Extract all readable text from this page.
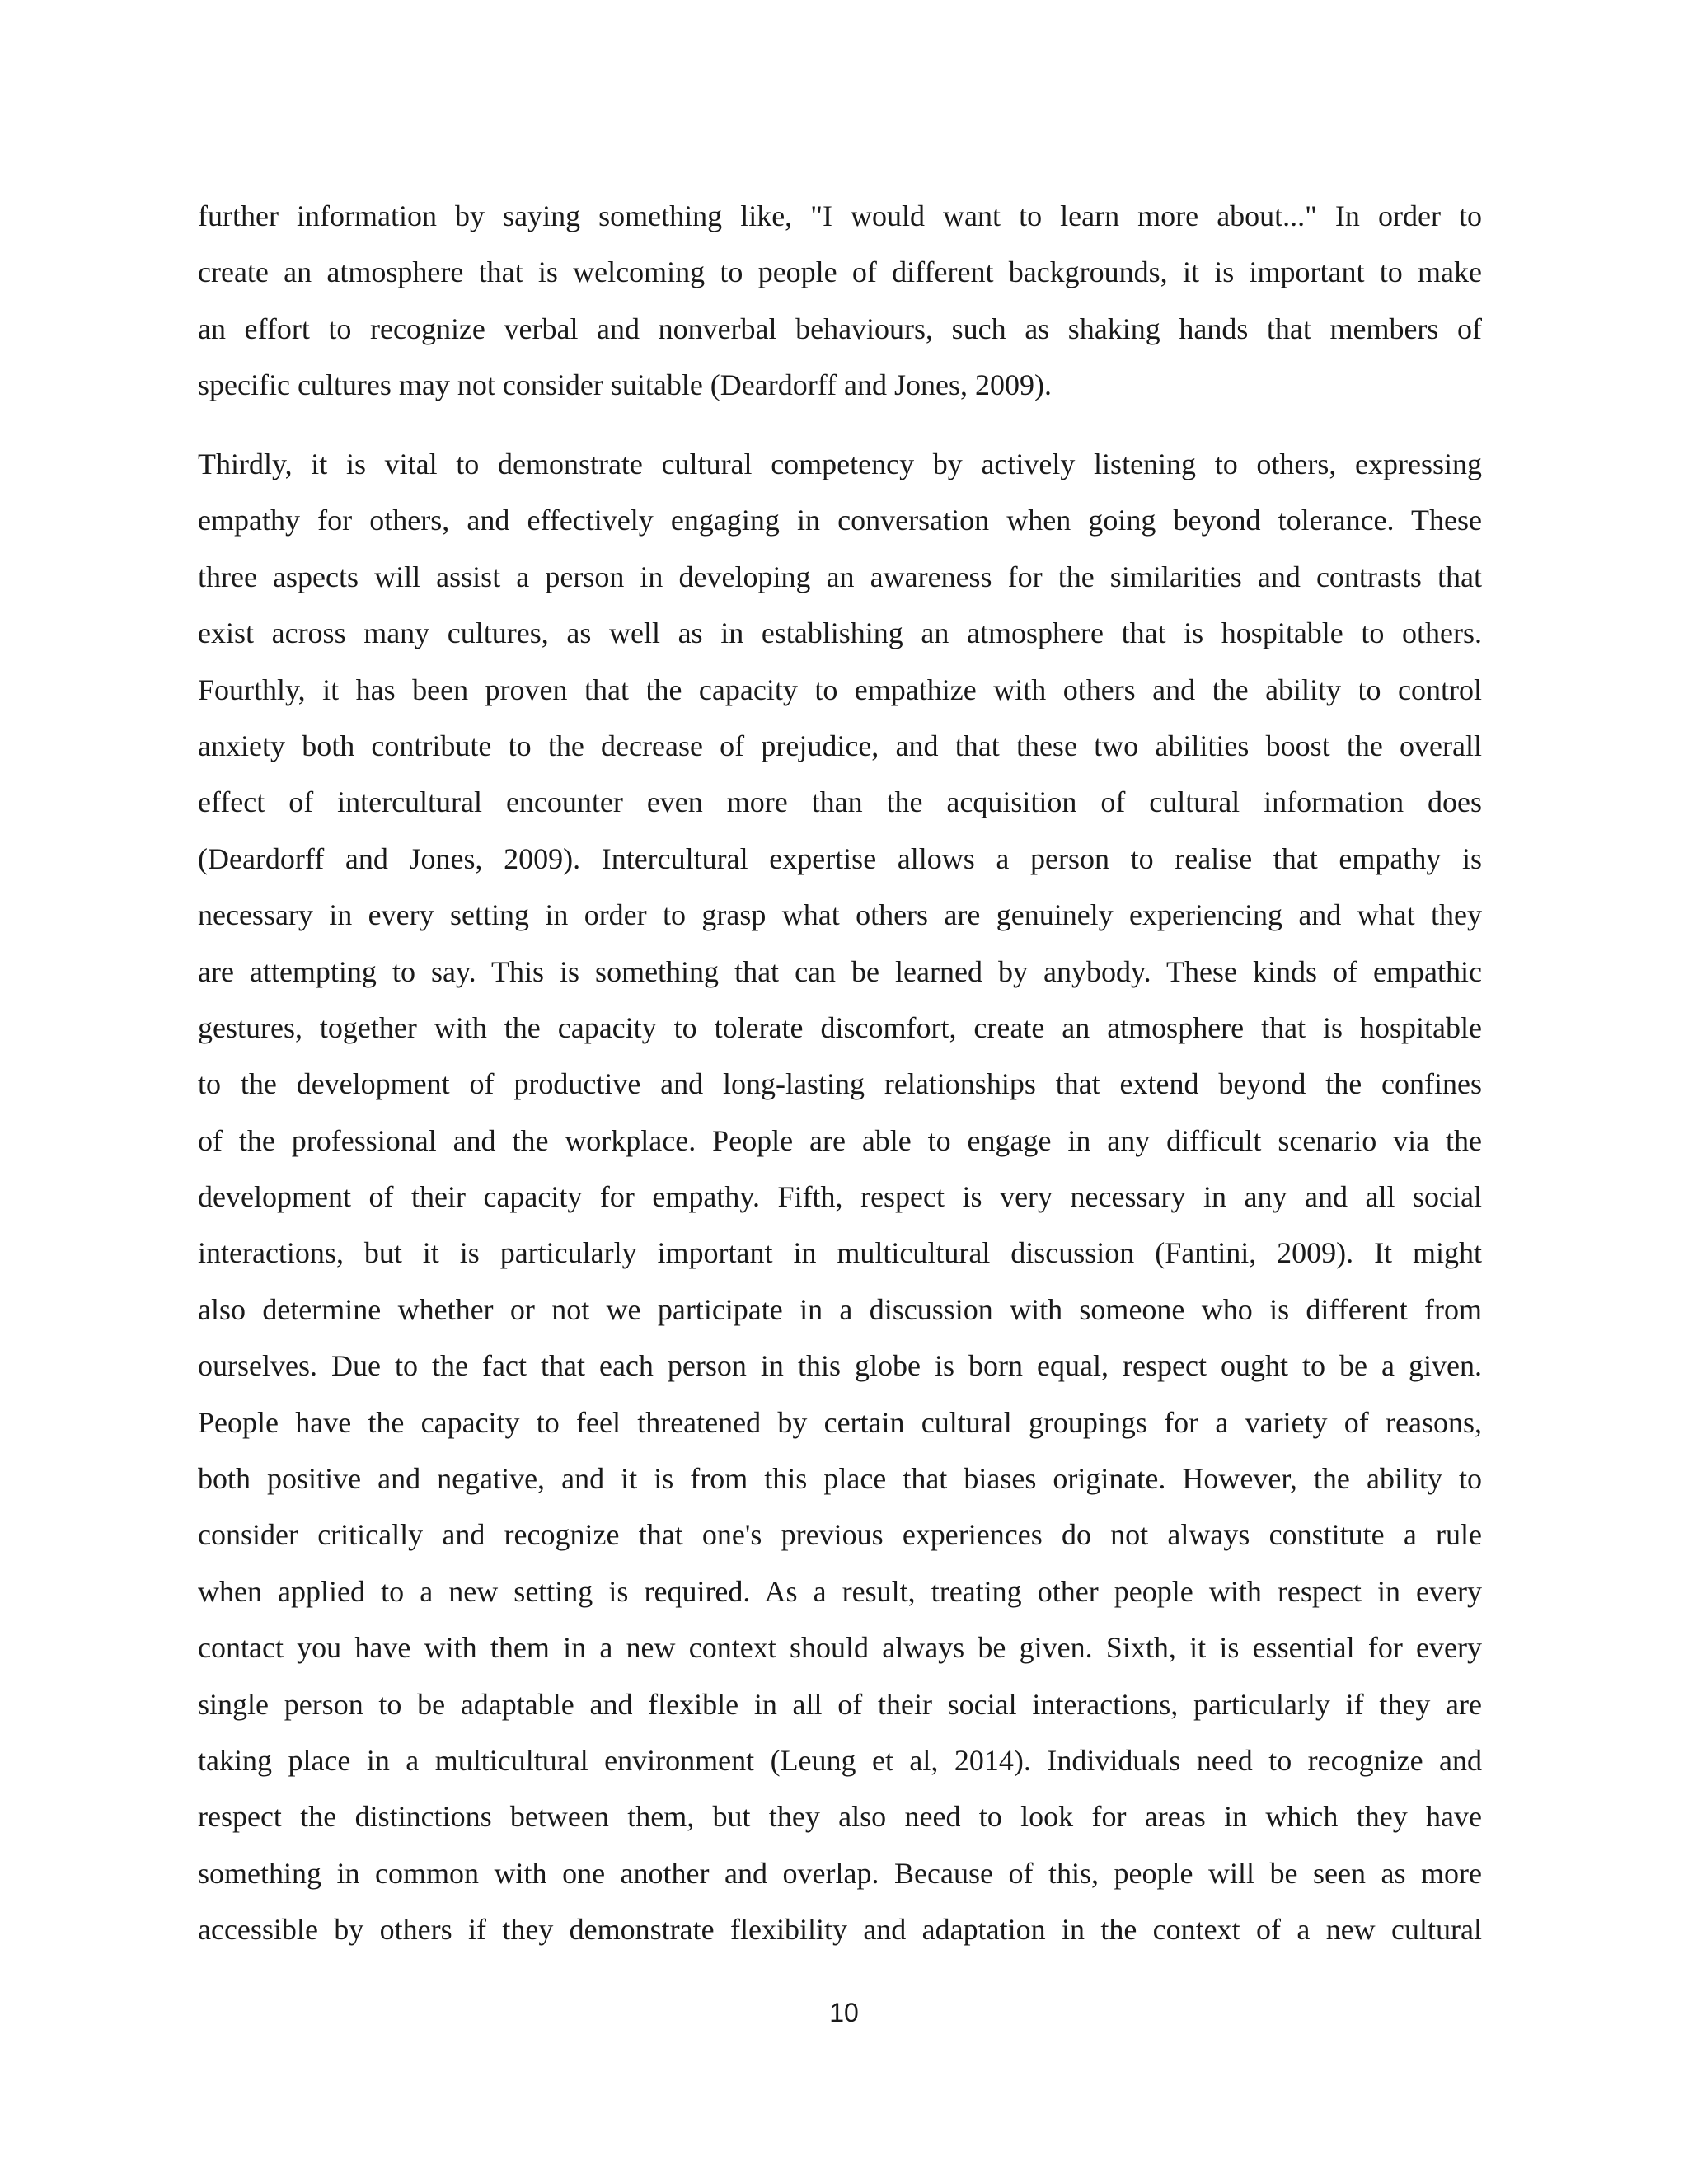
further information by saying something like, "I would want to learn more about..." In order to
create an atmosphere that is welcoming to people of different backgrounds, it is important to make
an effort to recognize verbal and nonverbal behaviours, such as shaking hands that members of
specific cultures may not consider suitable (Deardorff and Jones, 2009).

Thirdly, it is vital to demonstrate cultural competency by actively listening to others, expressing
empathy for others, and effectively engaging in conversation when going beyond tolerance. These
three aspects will assist a person in developing an awareness for the similarities and contrasts that
exist across many cultures, as well as in establishing an atmosphere that is hospitable to others.
Fourthly, it has been proven that the capacity to empathize with others and the ability to control
anxiety both contribute to the decrease of prejudice, and that these two abilities boost the overall
effect of intercultural encounter even more than the acquisition of cultural information does
(Deardorff and Jones, 2009). Intercultural expertise allows a person to realise that empathy is
necessary in every setting in order to grasp what others are genuinely experiencing and what they
are attempting to say. This is something that can be learned by anybody. These kinds of empathic
gestures, together with the capacity to tolerate discomfort, create an atmosphere that is hospitable
to the development of productive and long-lasting relationships that extend beyond the confines
of the professional and the workplace. People are able to engage in any difficult scenario via the
development of their capacity for empathy. Fifth, respect is very necessary in any and all social
interactions, but it is particularly important in multicultural discussion (Fantini, 2009). It might
also determine whether or not we participate in a discussion with someone who is different from
ourselves. Due to the fact that each person in this globe is born equal, respect ought to be a given.
People have the capacity to feel threatened by certain cultural groupings for a variety of reasons,
both positive and negative, and it is from this place that biases originate. However, the ability to
consider critically and recognize that one's previous experiences do not always constitute a rule
when applied to a new setting is required. As a result, treating other people with respect in every
contact you have with them in a new context should always be given. Sixth, it is essential for every
single person to be adaptable and flexible in all of their social interactions, particularly if they are
taking place in a multicultural environment (Leung et al, 2014). Individuals need to recognize and
respect the distinctions between them, but they also need to look for areas in which they have
something in common with one another and overlap. Because of this, people will be seen as more
accessible by others if they demonstrate flexibility and adaptation in the context of a new cultural

10
